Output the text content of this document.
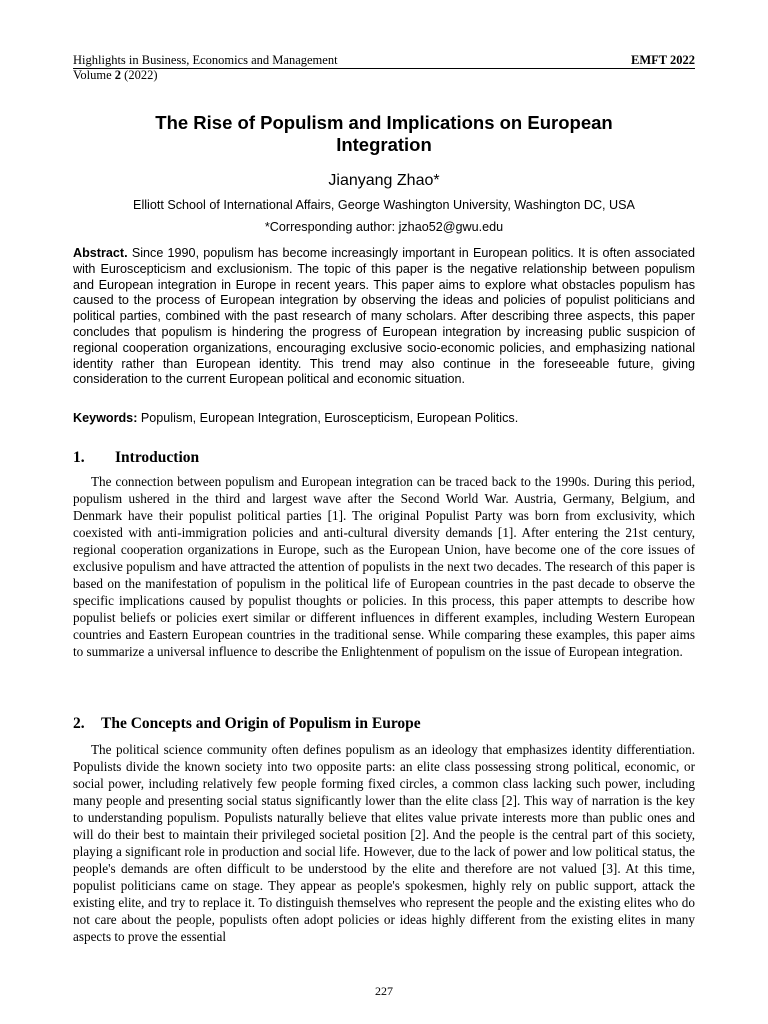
Highlights in Business, Economics and Management	EMFT 2022
Volume 2 (2022)
The Rise of Populism and Implications on European
Integration
Jianyang Zhao*
Elliott School of International Affairs, George Washington University, Washington DC, USA
*Corresponding author: jzhao52@gwu.edu
Abstract. Since 1990, populism has become increasingly important in European politics. It is often associated with Euroscepticism and exclusionism. The topic of this paper is the negative relationship between populism and European integration in Europe in recent years. This paper aims to explore what obstacles populism has caused to the process of European integration by observing the ideas and policies of populist politicians and political parties, combined with the past research of many scholars. After describing three aspects, this paper concludes that populism is hindering the progress of European integration by increasing public suspicion of regional cooperation organizations, encouraging exclusive socio-economic policies, and emphasizing national identity rather than European identity. This trend may also continue in the foreseeable future, giving consideration to the current European political and economic situation.
Keywords: Populism, European Integration, Euroscepticism, European Politics.
1. Introduction
The connection between populism and European integration can be traced back to the 1990s. During this period, populism ushered in the third and largest wave after the Second World War. Austria, Germany, Belgium, and Denmark have their populist political parties [1]. The original Populist Party was born from exclusivity, which coexisted with anti-immigration policies and anti-cultural diversity demands [1]. After entering the 21st century, regional cooperation organizations in Europe, such as the European Union, have become one of the core issues of exclusive populism and have attracted the attention of populists in the next two decades. The research of this paper is based on the manifestation of populism in the political life of European countries in the past decade to observe the specific implications caused by populist thoughts or policies. In this process, this paper attempts to describe how populist beliefs or policies exert similar or different influences in different examples, including Western European countries and Eastern European countries in the traditional sense. While comparing these examples, this paper aims to summarize a universal influence to describe the Enlightenment of populism on the issue of European integration.
2. The Concepts and Origin of Populism in Europe
The political science community often defines populism as an ideology that emphasizes identity differentiation. Populists divide the known society into two opposite parts: an elite class possessing strong political, economic, or social power, including relatively few people forming fixed circles, a common class lacking such power, including many people and presenting social status significantly lower than the elite class [2]. This way of narration is the key to understanding populism. Populists naturally believe that elites value private interests more than public ones and will do their best to maintain their privileged societal position [2]. And the people is the central part of this society, playing a significant role in production and social life. However, due to the lack of power and low political status, the people's demands are often difficult to be understood by the elite and therefore are not valued [3]. At this time, populist politicians came on stage. They appear as people's spokesmen, highly rely on public support, attack the existing elite, and try to replace it. To distinguish themselves who represent the people and the existing elites who do not care about the people, populists often adopt policies or ideas highly different from the existing elites in many aspects to prove the essential
227
